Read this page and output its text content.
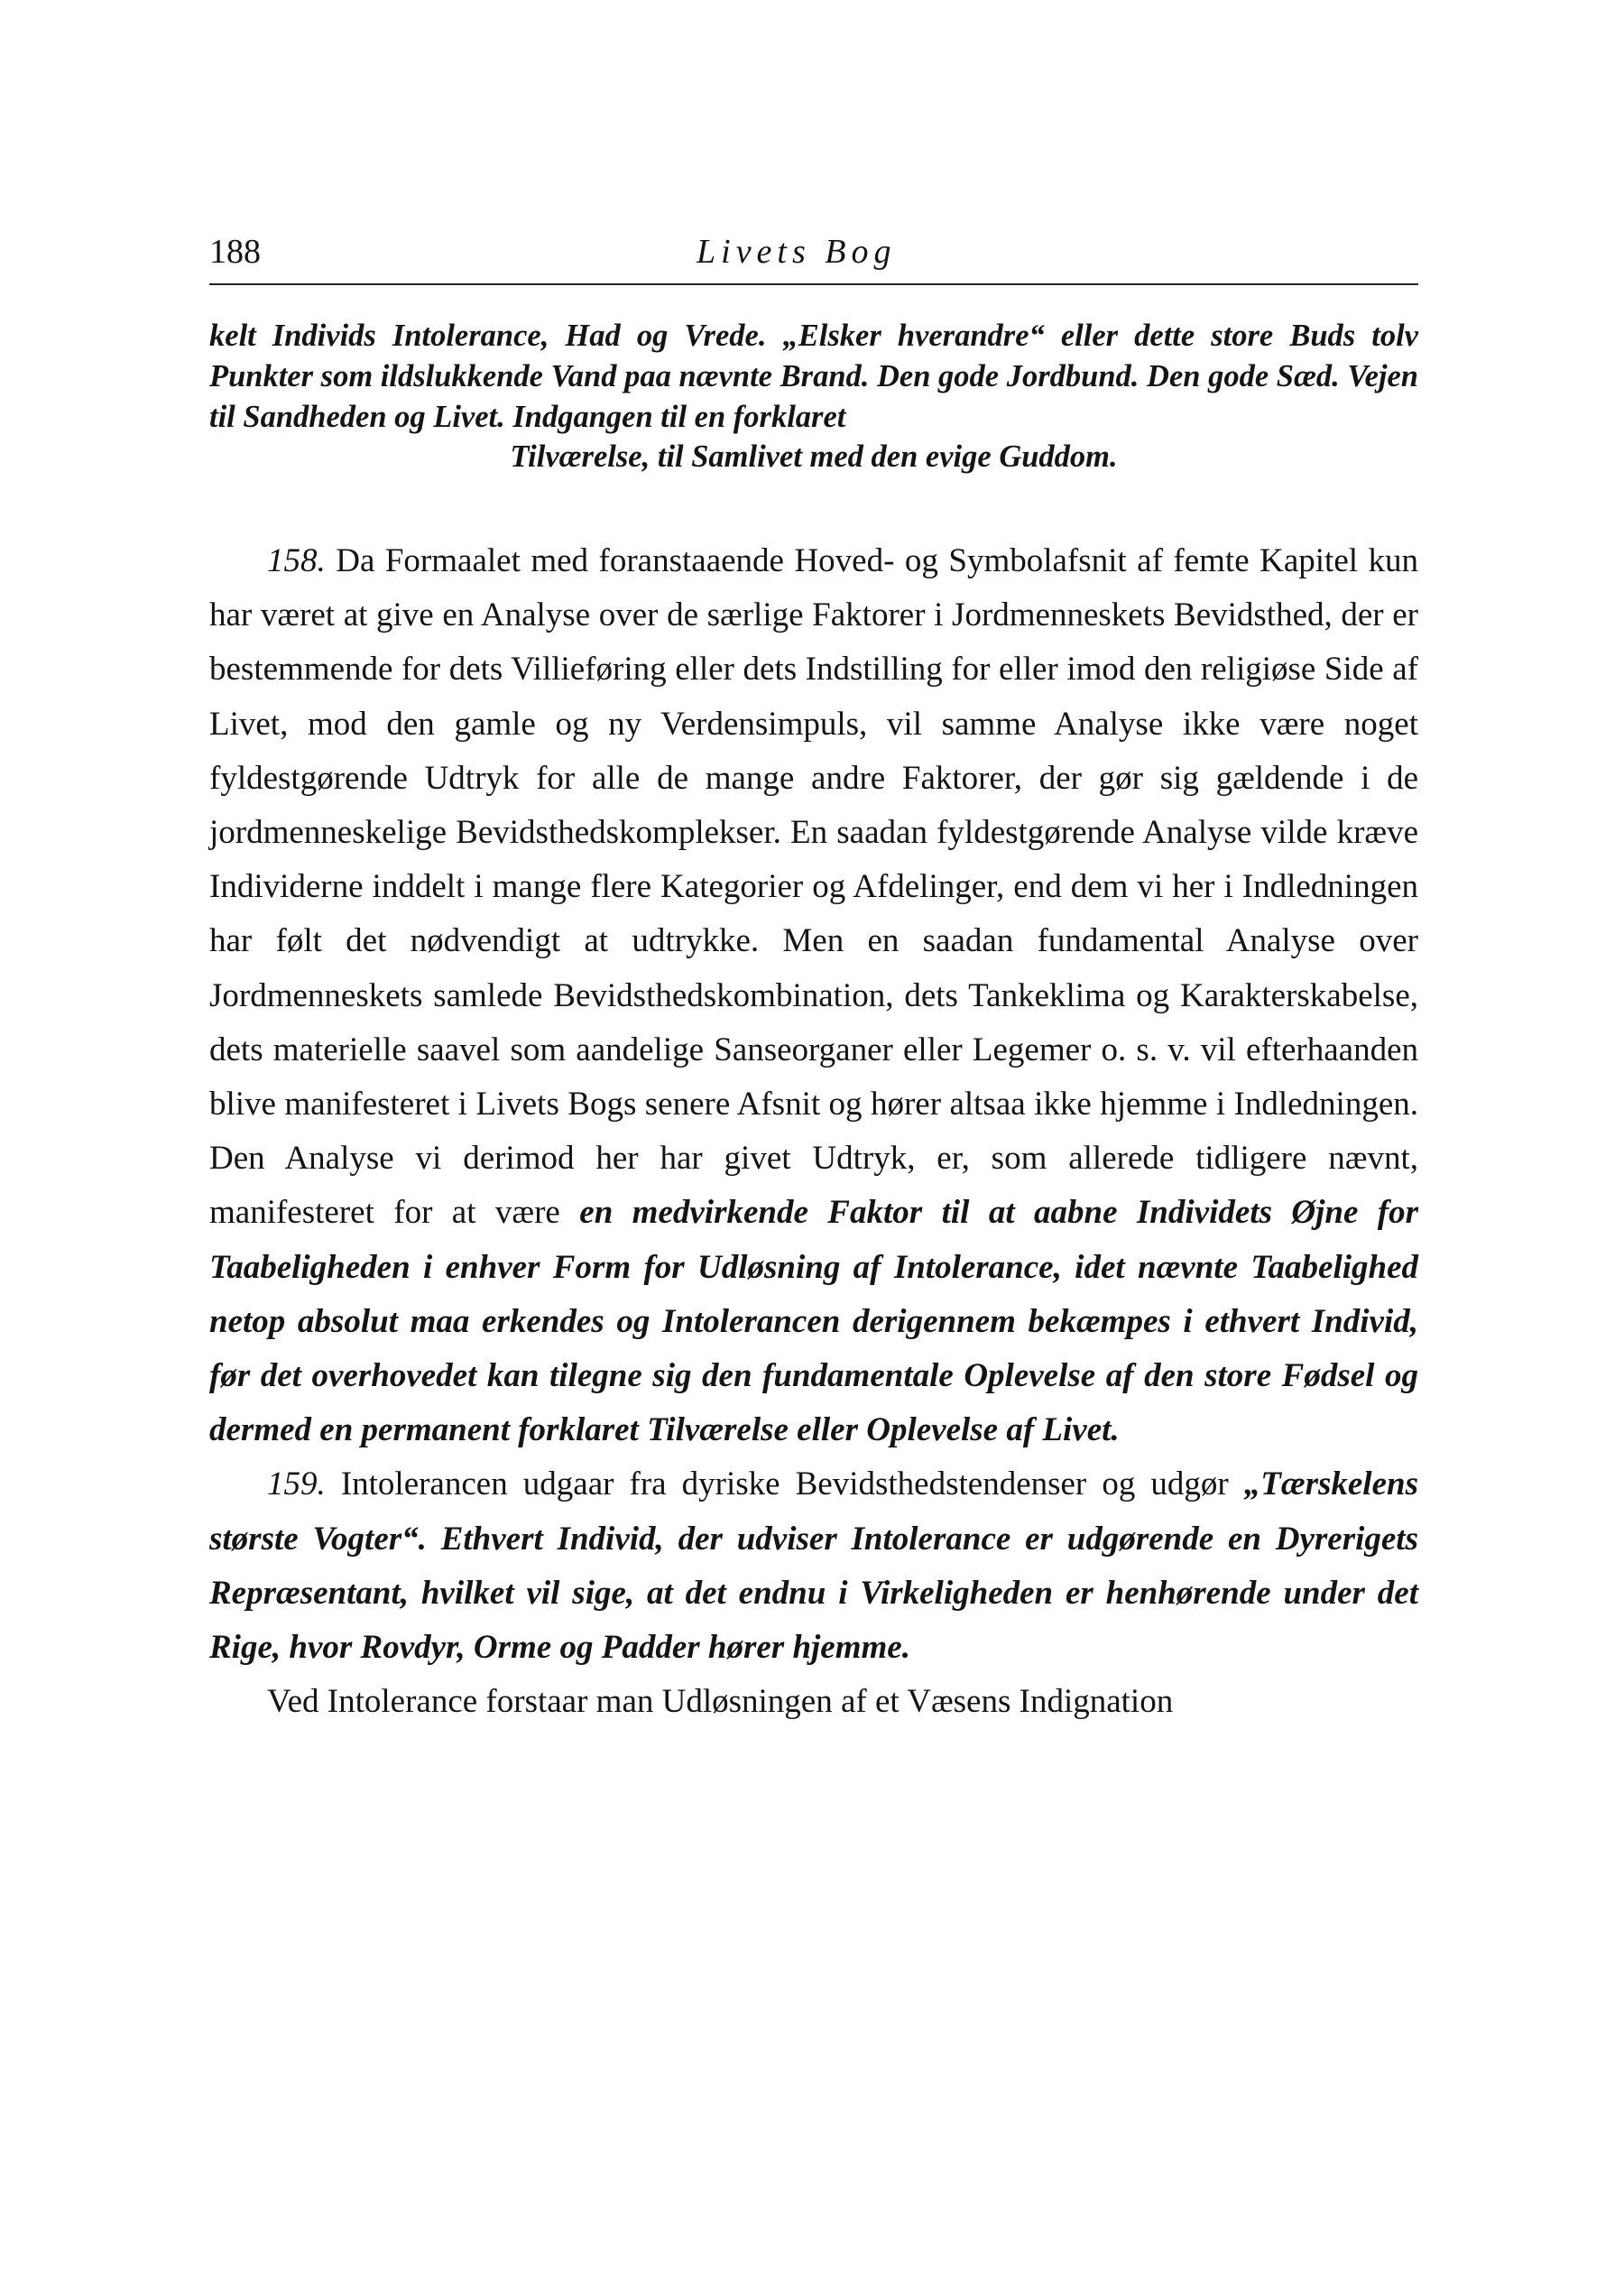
188	Livets Bog
kelt Individs Intolerance, Had og Vrede. „Elsker hverandre“ eller dette store Buds tolv Punkter som ildslukkende Vand paa nævnte Brand. Den gode Jordbund. Den gode Sæd. Vejen til Sandheden og Livet. Indgangen til en forklaret
Tilværelse, til Samlivet med den evige Guddom.

158. Da Formaalet med foranstaaende Hoved- og Symbolafsnit af femte Kapitel kun har været at give en Analyse over de særlige Faktorer i Jordmenneskets Bevidsthed, der er bestemmende for dets Villieføring eller dets Indstilling for eller imod den religiøse Side af Livet, mod den gamle og ny Verdensimpuls, vil samme Analyse ikke være noget fyldestgørende Udtryk for alle de mange andre Faktorer, der gør sig gældende i de jordmenneskelige Bevidsthedskomplekser. En saadan fyldestgørende Analyse vilde kræve Individerne inddelt i mange flere Kategorier og Afdelinger, end dem vi her i Indledningen har følt det nødvendigt at udtrykke. Men en saadan fundamental Analyse over Jordmenneskets samlede Bevidsthedskombination, dets Tankeklima og Karakterskabelse, dets materielle saavel som aandelige Sanseorganer eller Legemer o. s. v. vil efterhaanden blive manifesteret i Livets Bogs senere Afsnit og hører altsaa ikke hjemme i Indledningen. Den Analyse vi derimod her har givet Udtryk, er, som allerede tidligere nævnt, manifesteret for at være en medvirkende Faktor til at aabne Individets Øjne for Taabeligheden i enhver Form for Udløsning af Intolerance, idet nævnte Taabelighed netop absolut maa erkendes og Intolerancen derigennem bekæmpes i ethvert Individ, før det overhovedet kan tilegne sig den fundamentale Oplevelse af den store Fødsel og dermed en permanent forklaret Tilværelse eller Oplevelse af Livet.

159. Intolerancen udgaar fra dyriske Bevidsthedstendenser og udgør „Tærskelens største Vogter“. Ethvert Individ, der udviser Intolerance er udgørende en Dyrerigets Repræsentant, hvilket vil sige, at det endnu i Virkeligheden er henhørende under det Rige, hvor Rovdyr, Orme og Padder hører hjemme.

Ved Intolerance forstaar man Udløsningen af et Væsens Indignation
